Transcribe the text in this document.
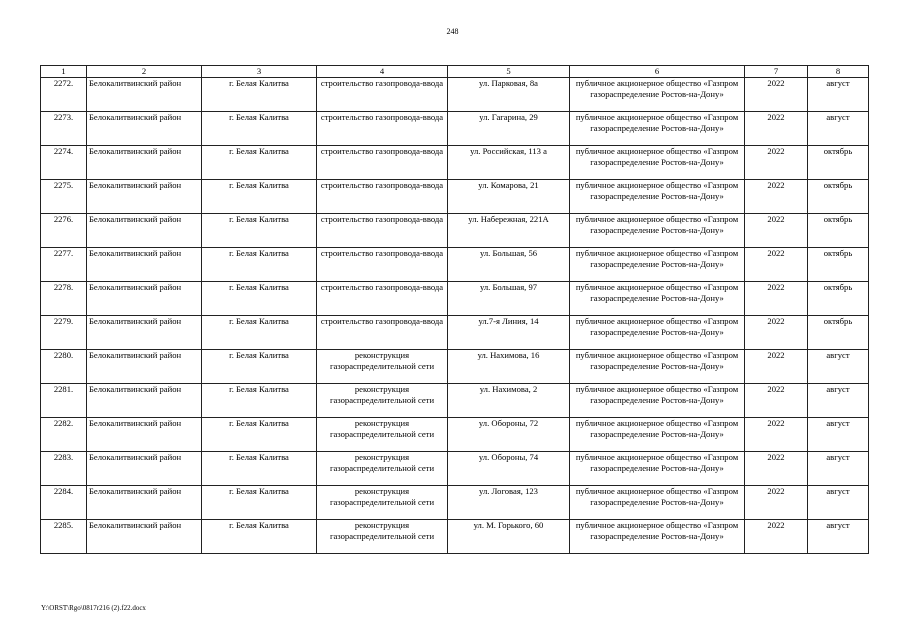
248
1	2	3	4	5	6	7	8
2272.	Белокалитвинский район	г. Белая Калитва	строительство газопровода-ввода	ул. Парковая, 8а	публичное акционерное общество «Газпром газораспределение Ростов-на-Дону»	2022	август
2273.	Белокалитвинский район	г. Белая Калитва	строительство газопровода-ввода	ул. Гагарина, 29	публичное акционерное общество «Газпром газораспределение Ростов-на-Дону»	2022	август
2274.	Белокалитвинский район	г. Белая Калитва	строительство газопровода-ввода	ул. Российская, 113 а	публичное акционерное общество «Газпром газораспределение Ростов-на-Дону»	2022	октябрь
2275.	Белокалитвинский район	г. Белая Калитва	строительство газопровода-ввода	ул. Комарова, 21	публичное акционерное общество «Газпром газораспределение Ростов-на-Дону»	2022	октябрь
2276.	Белокалитвинский район	г. Белая Калитва	строительство газопровода-ввода	ул. Набережная, 221А	публичное акционерное общество «Газпром газораспределение Ростов-на-Дону»	2022	октябрь
2277.	Белокалитвинский район	г. Белая Калитва	строительство газопровода-ввода	ул. Большая, 56	публичное акционерное общество «Газпром газораспределение Ростов-на-Дону»	2022	октябрь
2278.	Белокалитвинский район	г. Белая Калитва	строительство газопровода-ввода	ул. Большая, 97	публичное акционерное общество «Газпром газораспределение Ростов-на-Дону»	2022	октябрь
2279.	Белокалитвинский район	г. Белая Калитва	строительство газопровода-ввода	ул.7-я Линия, 14	публичное акционерное общество «Газпром газораспределение Ростов-на-Дону»	2022	октябрь
2280.	Белокалитвинский район	г. Белая Калитва	реконструкция газораспределительной сети	ул. Нахимова, 16	публичное акционерное общество «Газпром газораспределение Ростов-на-Дону»	2022	август
2281.	Белокалитвинский район	г. Белая Калитва	реконструкция газораспределительной сети	ул. Нахимова, 2	публичное акционерное общество «Газпром газораспределение Ростов-на-Дону»	2022	август
2282.	Белокалитвинский район	г. Белая Калитва	реконструкция газораспределительной сети	ул. Обороны, 72	публичное акционерное общество «Газпром газораспределение Ростов-на-Дону»	2022	август
2283.	Белокалитвинский район	г. Белая Калитва	реконструкция газораспределительной сети	ул. Обороны, 74	публичное акционерное общество «Газпром газораспределение Ростов-на-Дону»	2022	август
2284.	Белокалитвинский район	г. Белая Калитва	реконструкция газораспределительной сети	ул. Логовая, 123	публичное акционерное общество «Газпром газораспределение Ростов-на-Дону»	2022	август
2285.	Белокалитвинский район	г. Белая Калитва	реконструкция газораспределительной сети	ул. М. Горького, 60	публичное акционерное общество «Газпром газораспределение Ростов-на-Дону»	2022	август
Y:\ORST\Rgo\0817r216 (2).f22.docx
